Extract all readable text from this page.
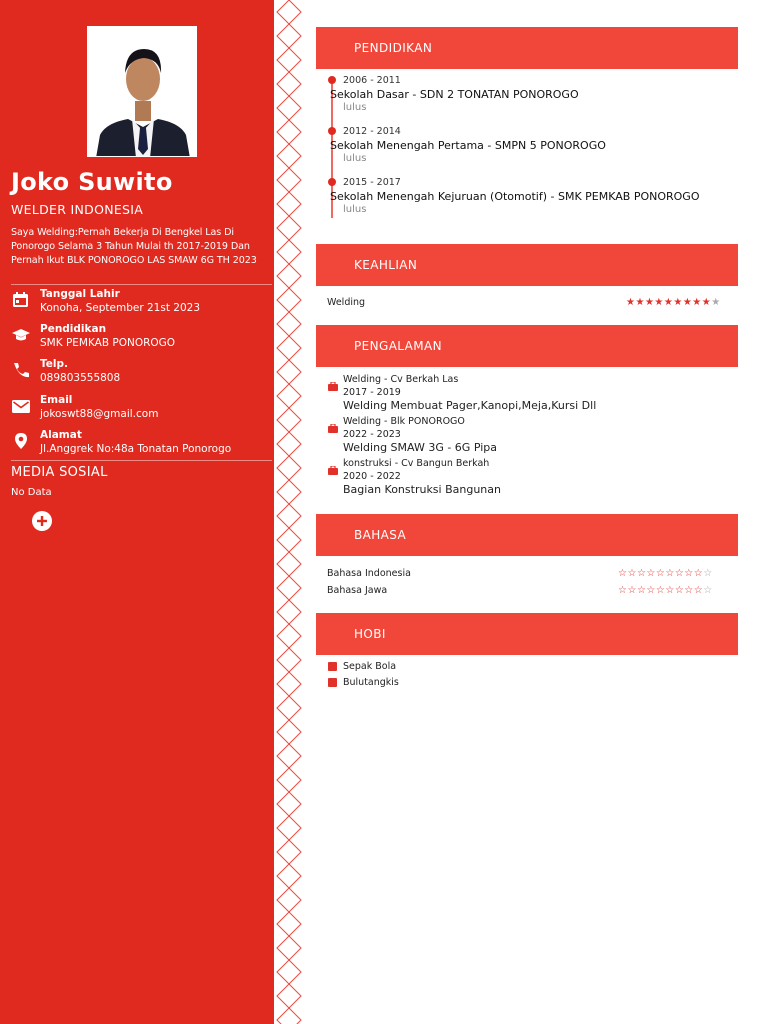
Joko Suwito
WELDER INDONESIA
Saya Welding:Pernah Bekerja Di Bengkel Las Di Ponorogo Selama 3 Tahun Mulai th 2017-2019 Dan Pernah Ikut BLK PONOROGO LAS SMAW 6G TH 2023
Tanggal Lahir
Konoha, September 21st 2023
Pendidikan
SMK PEMKAB PONOROGO
Telp.
089803555808
Email
jokoswt88@gmail.com
Alamat
Jl.Anggrek No:48a Tonatan Ponorogo
MEDIA SOSIAL
No Data
PENDIDIKAN
2006 - 2011
Sekolah Dasar - SDN 2 TONATAN PONOROGO
lulus
2012 - 2014
Sekolah Menengah Pertama - SMPN 5 PONOROGO
lulus
2015 - 2017
Sekolah Menengah Kejuruan (Otomotif) - SMK PEMKAB PONOROGO
lulus
KEAHLIAN
Welding	★★★★★★★★★★
PENGALAMAN
Welding - Cv Berkah Las
2017 - 2019
Welding Membuat Pager,Kanopi,Meja,Kursi Dll
Welding - Blk PONOROGO
2022 - 2023
Welding SMAW 3G - 6G Pipa
konstruksi - Cv Bangun Berkah
2020 - 2022
Bagian Konstruksi Bangunan
BAHASA
Bahasa Indonesia	☆☆☆☆☆☆☆☆☆☆
Bahasa Jawa	☆☆☆☆☆☆☆☆☆☆
HOBI
Sepak Bola
Bulutangkis
